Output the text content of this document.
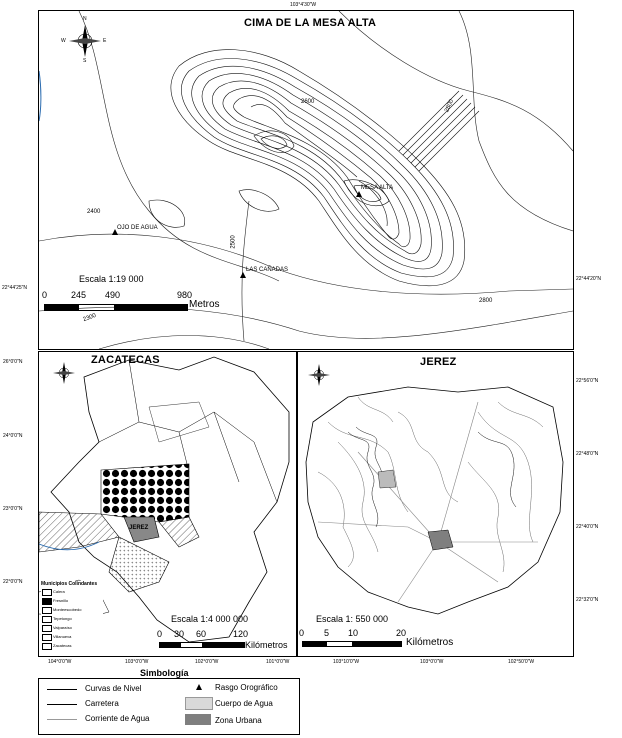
CIMA DE LA MESA ALTA
N
S
W	E
2600	2800
2400
2500
2300
2800
MESA ALTA
OJO DE AGUA
LAS CAÑADAS
Escala 1:19 000
0	245 490	980
Metros
103°4'30"W
22°44'25"N
22°44'20"N
ZACATECAS
JEREZ
Municipios Colindantes
Calera
Fresnillo
Monteescobedo
Tepetongo
Valparaíso
Villanueva
Zacatecas
Escala 1:4 000 000
0 30 60	120
Kilómetros
26°0'0"N
24°0'0"N
23°0'0"N
22°0'0"N
104°0'0"W	103°0'0"W	102°0'0"W	101°0'0"W
JEREZ
Escala 1: 550 000
0 5 10	20
Kilómetros
22°56'0"N
22°48'0"N
22°40'0"N
22°32'0"N
103°10'0"W	103°0'0"W	102°50'0"W
Simbología
Curvas de Nivel
Carretera
Corriente de Agua
Rasgo Orográfico
Cuerpo de Agua
Zona Urbana
